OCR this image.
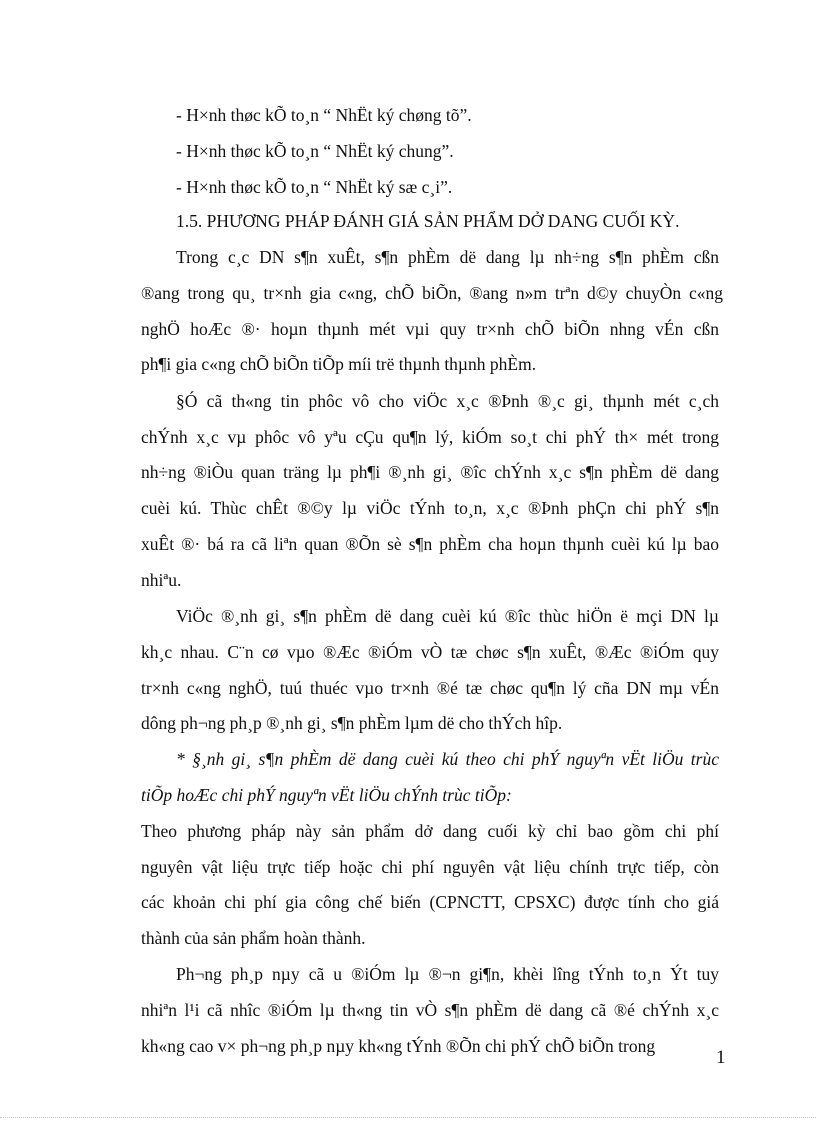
- H×nh thøc kÕ to¸n “ NhËt ký chøng tõ”.

- H×nh thøc kÕ to¸n “ NhËt ký chung”.

- H×nh thøc kÕ to¸n “ NhËt ký sæ c¸i”.

1.5. PHƯƠNG PHÁP ĐÁNH GIÁ SẢN PHẨM DỞ DANG CUỐI KỲ.

Trong c¸c DN s¶n xuÊt, s¶n phÈm dë dang lµ nh÷ng s¶n phÈm cßn

®ang trong qu¸ tr×nh gia c«ng, chÕ biÕn, ®ang n»m trªn d©y chuyÒn c«ng

nghÖ hoÆc ®· hoµn thµnh mét vµi quy tr×nh chÕ biÕn nhng vÉn cßn

ph¶i gia c«ng chÕ biÕn tiÕp míi trë thµnh thµnh phÈm.

§Ó cã th«ng tin phôc vô cho viÖc x¸c ®Þnh ®¸c gi¸ thµnh mét c¸ch

chÝnh x¸c vµ phôc vô yªu cÇu qu¶n lý, kiÓm so¸t chi phÝ th× mét trong

nh÷ng ®iÒu quan träng lµ ph¶i ®¸nh gi¸ ®îc chÝnh x¸c s¶n phÈm dë dang

cuèi kú. Thùc chÊt ®©y lµ viÖc tÝnh to¸n, x¸c ®Þnh phÇn chi phÝ s¶n

xuÊt ®· bá ra cã liªn quan ®Õn sè s¶n phÈm cha hoµn thµnh cuèi kú lµ bao

nhiªu.

ViÖc ®¸nh gi¸ s¶n phÈm dë dang cuèi kú ®îc thùc hiÖn ë mçi DN lµ

kh¸c nhau. C¨n cø vµo ®Æc ®iÓm vÒ tæ chøc s¶n xuÊt, ®Æc ®iÓm quy

tr×nh c«ng nghÖ, tuú thuéc vµo tr×nh ®é tæ chøc qu¶n lý cña DN mµ vÉn

dông ph¬ng ph¸p ®¸nh gi¸ s¶n phÈm lµm dë cho thÝch hîp.

* §¸nh gi¸ s¶n phÈm dë dang cuèi kú theo chi phÝ nguyªn vËt liÖu trùc

tiÕp hoÆc chi phÝ nguyªn vËt liÖu chÝnh trùc tiÕp:

Theo phương pháp này sản phẩm dở dang cuối kỳ chỉ bao gồm chi phí

nguyên vật liệu trực tiếp hoặc chi phí nguyên vật liệu chính trực tiếp, còn

các khoản chi phí gia công chế biến (CPNCTT, CPSXC) được tính cho giá

thành của sản phẩm hoàn thành.

Ph¬ng ph¸p nµy cã u ®iÓm lµ ®¬n gi¶n, khèi lîng tÝnh to¸n Ýt tuy

nhiªn l¹i cã nhîc ®iÓm lµ th«ng tin vÒ s¶n phÈm dë dang cã ®é chÝnh x¸c

kh«ng cao v× ph¬ng ph¸p nµy kh«ng tÝnh ®Õn chi phÝ chÕ biÕn trong

1
